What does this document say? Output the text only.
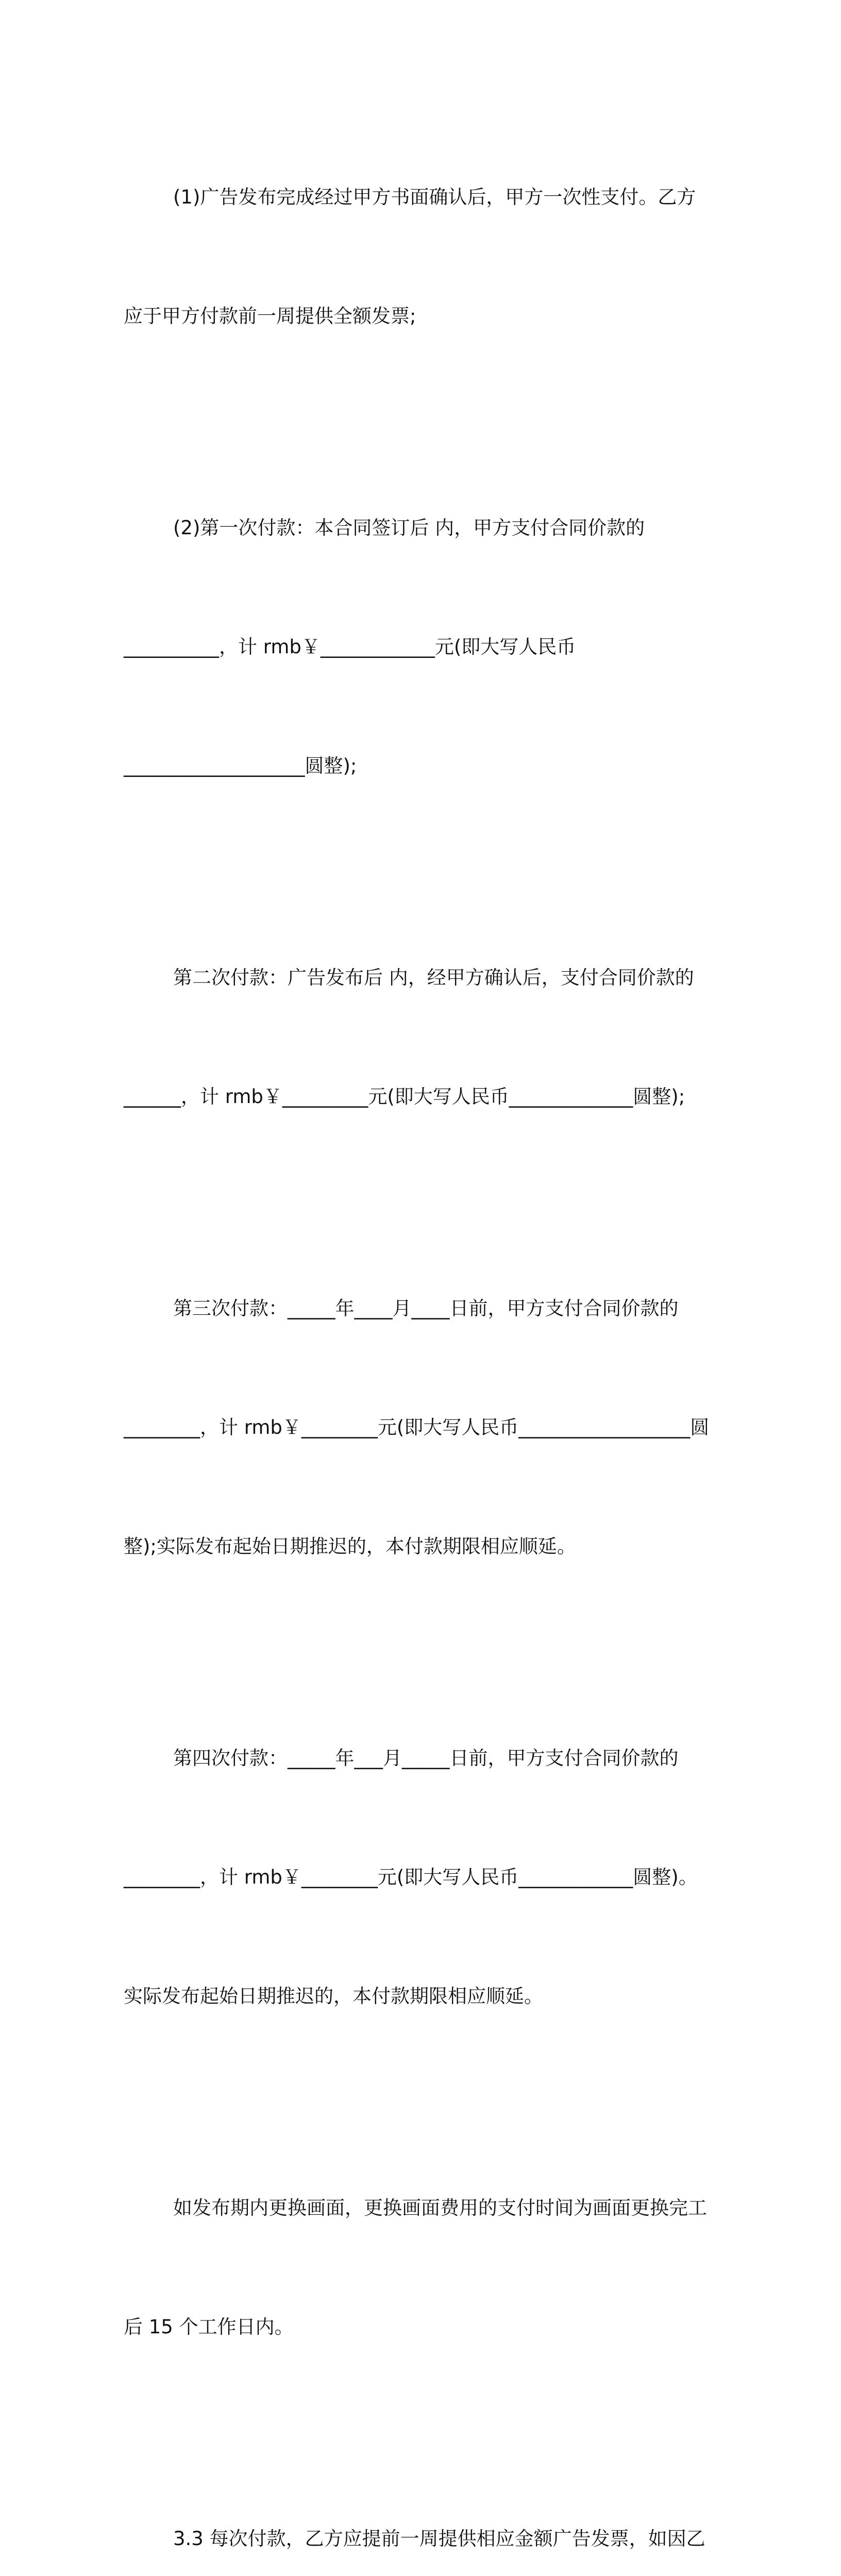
(1)广告发布完成经过甲方书面确认后，甲方一次性支付。乙方

应于甲方付款前一周提供全额发票;

(2)第一次付款：本合同签订后 内，甲方支付合同价款的

__________，计 rmb￥____________元(即大写人民币

___________________圆整);

第二次付款：广告发布后 内，经甲方确认后，支付合同价款的

______，计 rmb￥_________元(即大写人民币_____________圆整);

第三次付款：_____年____月____日前，甲方支付合同价款的

________，计 rmb￥________元(即大写人民币__________________圆

整);实际发布起始日期推迟的，本付款期限相应顺延。

第四次付款：_____年___月_____日前，甲方支付合同价款的

________，计 rmb￥________元(即大写人民币____________圆整)。

实际发布起始日期推迟的，本付款期限相应顺延。

如发布期内更换画面，更换画面费用的支付时间为画面更换完工

后 15 个工作日内。

3.3 每次付款，乙方应提前一周提供相应金额广告发票，如因乙
